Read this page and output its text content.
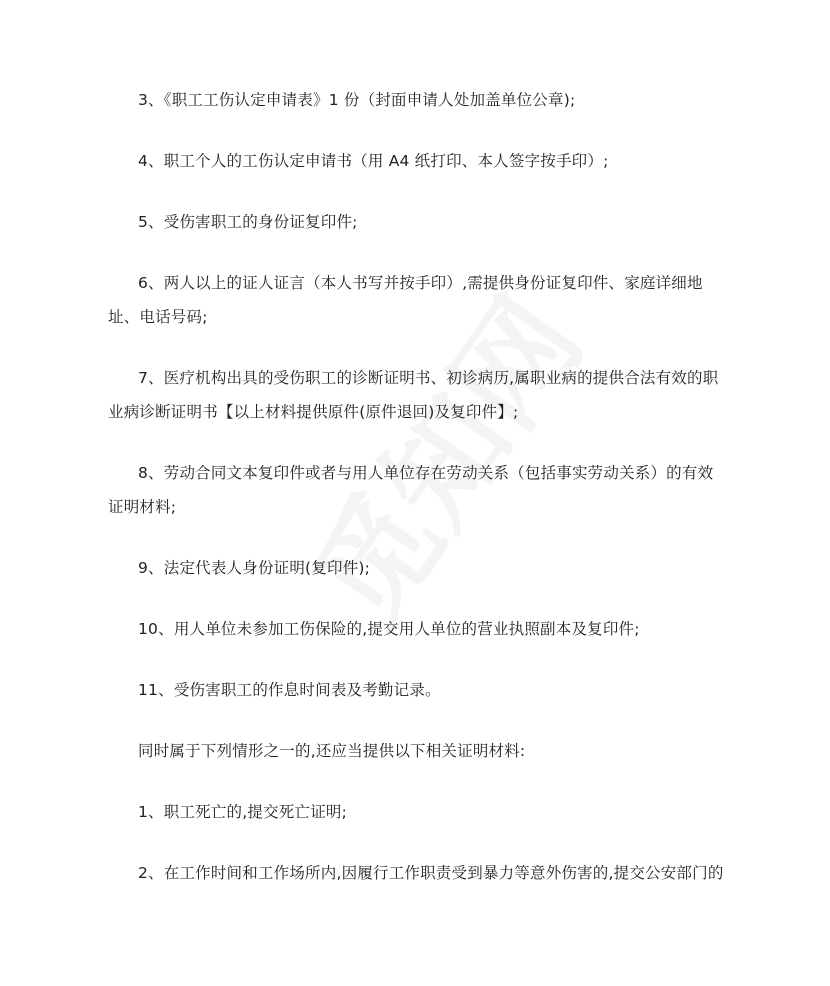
3、《职工工伤认定申请表》1 份（封面申请人处加盖单位公章);

4、职工个人的工伤认定申请书（用 A4 纸打印、本人签字按手印）;

5、受伤害职工的身份证复印件;

6、两人以上的证人证言（本人书写并按手印）,需提供身份证复印件、家庭详细地址、电话号码;

7、医疗机构出具的受伤职工的诊断证明书、初诊病历,属职业病的提供合法有效的职业病诊断证明书【以上材料提供原件(原件退回)及复印件】;

8、劳动合同文本复印件或者与用人单位存在劳动关系（包括事实劳动关系）的有效证明材料;

9、法定代表人身份证明(复印件);

10、用人单位未参加工伤保险的,提交用人单位的营业执照副本及复印件;

11、受伤害职工的作息时间表及考勤记录。

同时属于下列情形之一的,还应当提供以下相关证明材料:

1、职工死亡的,提交死亡证明;

2、在工作时间和工作场所内,因履行工作职责受到暴力等意外伤害的,提交公安部门的
